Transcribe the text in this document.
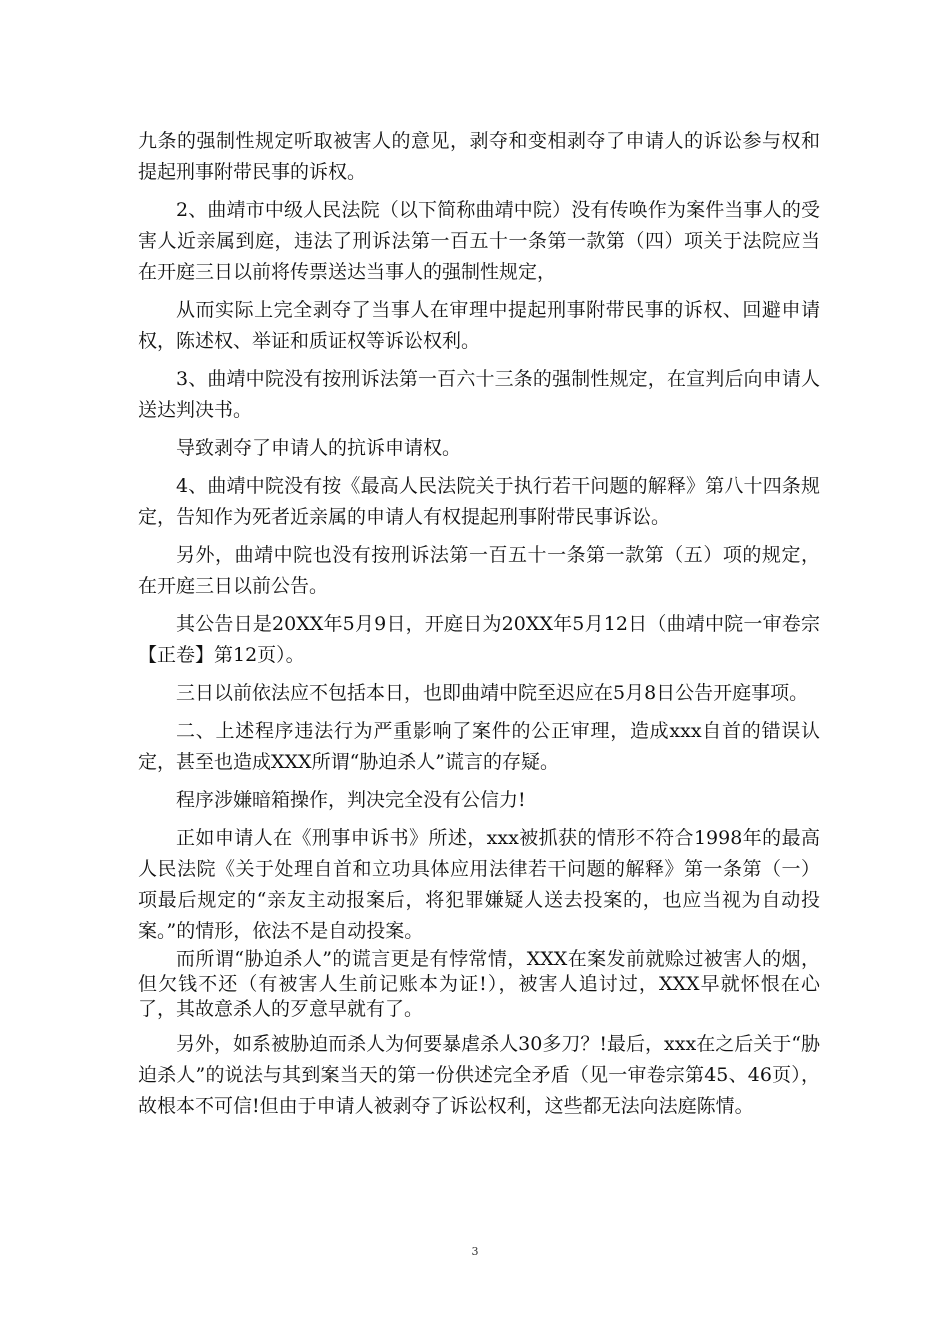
九条的强制性规定听取被害人的意见，剥夺和变相剥夺了申请人的诉讼参与权和提起刑事附带民事的诉权。

2、曲靖市中级人民法院（以下简称曲靖中院）没有传唤作为案件当事人的受害人近亲属到庭，违法了刑诉法第一百五十一条第一款第（四）项关于法院应当在开庭三日以前将传票送达当事人的强制性规定，

从而实际上完全剥夺了当事人在审理中提起刑事附带民事的诉权、回避申请权，陈述权、举证和质证权等诉讼权利。

3、曲靖中院没有按刑诉法第一百六十三条的强制性规定，在宣判后向申请人送达判决书。

导致剥夺了申请人的抗诉申请权。

4、曲靖中院没有按《最高人民法院关于执行若干问题的解释》第八十四条规定，告知作为死者近亲属的申请人有权提起刑事附带民事诉讼。

另外，曲靖中院也没有按刑诉法第一百五十一条第一款第（五）项的规定，在开庭三日以前公告。

其公告日是20XX年5月9日，开庭日为20XX年5月12日（曲靖中院一审卷宗【正卷】第12页）。

三日以前依法应不包括本日，也即曲靖中院至迟应在5月8日公告开庭事项。

二、上述程序违法行为严重影响了案件的公正审理，造成xxx自首的错误认定，甚至也造成XXX所谓“胁迫杀人”谎言的存疑。

程序涉嫌暗箱操作，判决完全没有公信力!

正如申请人在《刑事申诉书》所述，xxx被抓获的情形不符合1998年的最高人民法院《关于处理自首和立功具体应用法律若干问题的解释》第一条第（一）项最后规定的“亲友主动报案后，将犯罪嫌疑人送去投案的，也应当视为自动投案。”的情形，依法不是自动投案。

而所谓“胁迫杀人”的谎言更是有悖常情，XXX在案发前就赊过被害人的烟，但欠钱不还（有被害人生前记账本为证!），被害人追讨过，XXX早就怀恨在心了，其故意杀人的歹意早就有了。

另外，如系被胁迫而杀人为何要暴虐杀人30多刀？!最后，xxx在之后关于“胁迫杀人”的说法与其到案当天的第一份供述完全矛盾（见一审卷宗第45、46页），故根本不可信!但由于申请人被剥夺了诉讼权利，这些都无法向法庭陈情。

3
